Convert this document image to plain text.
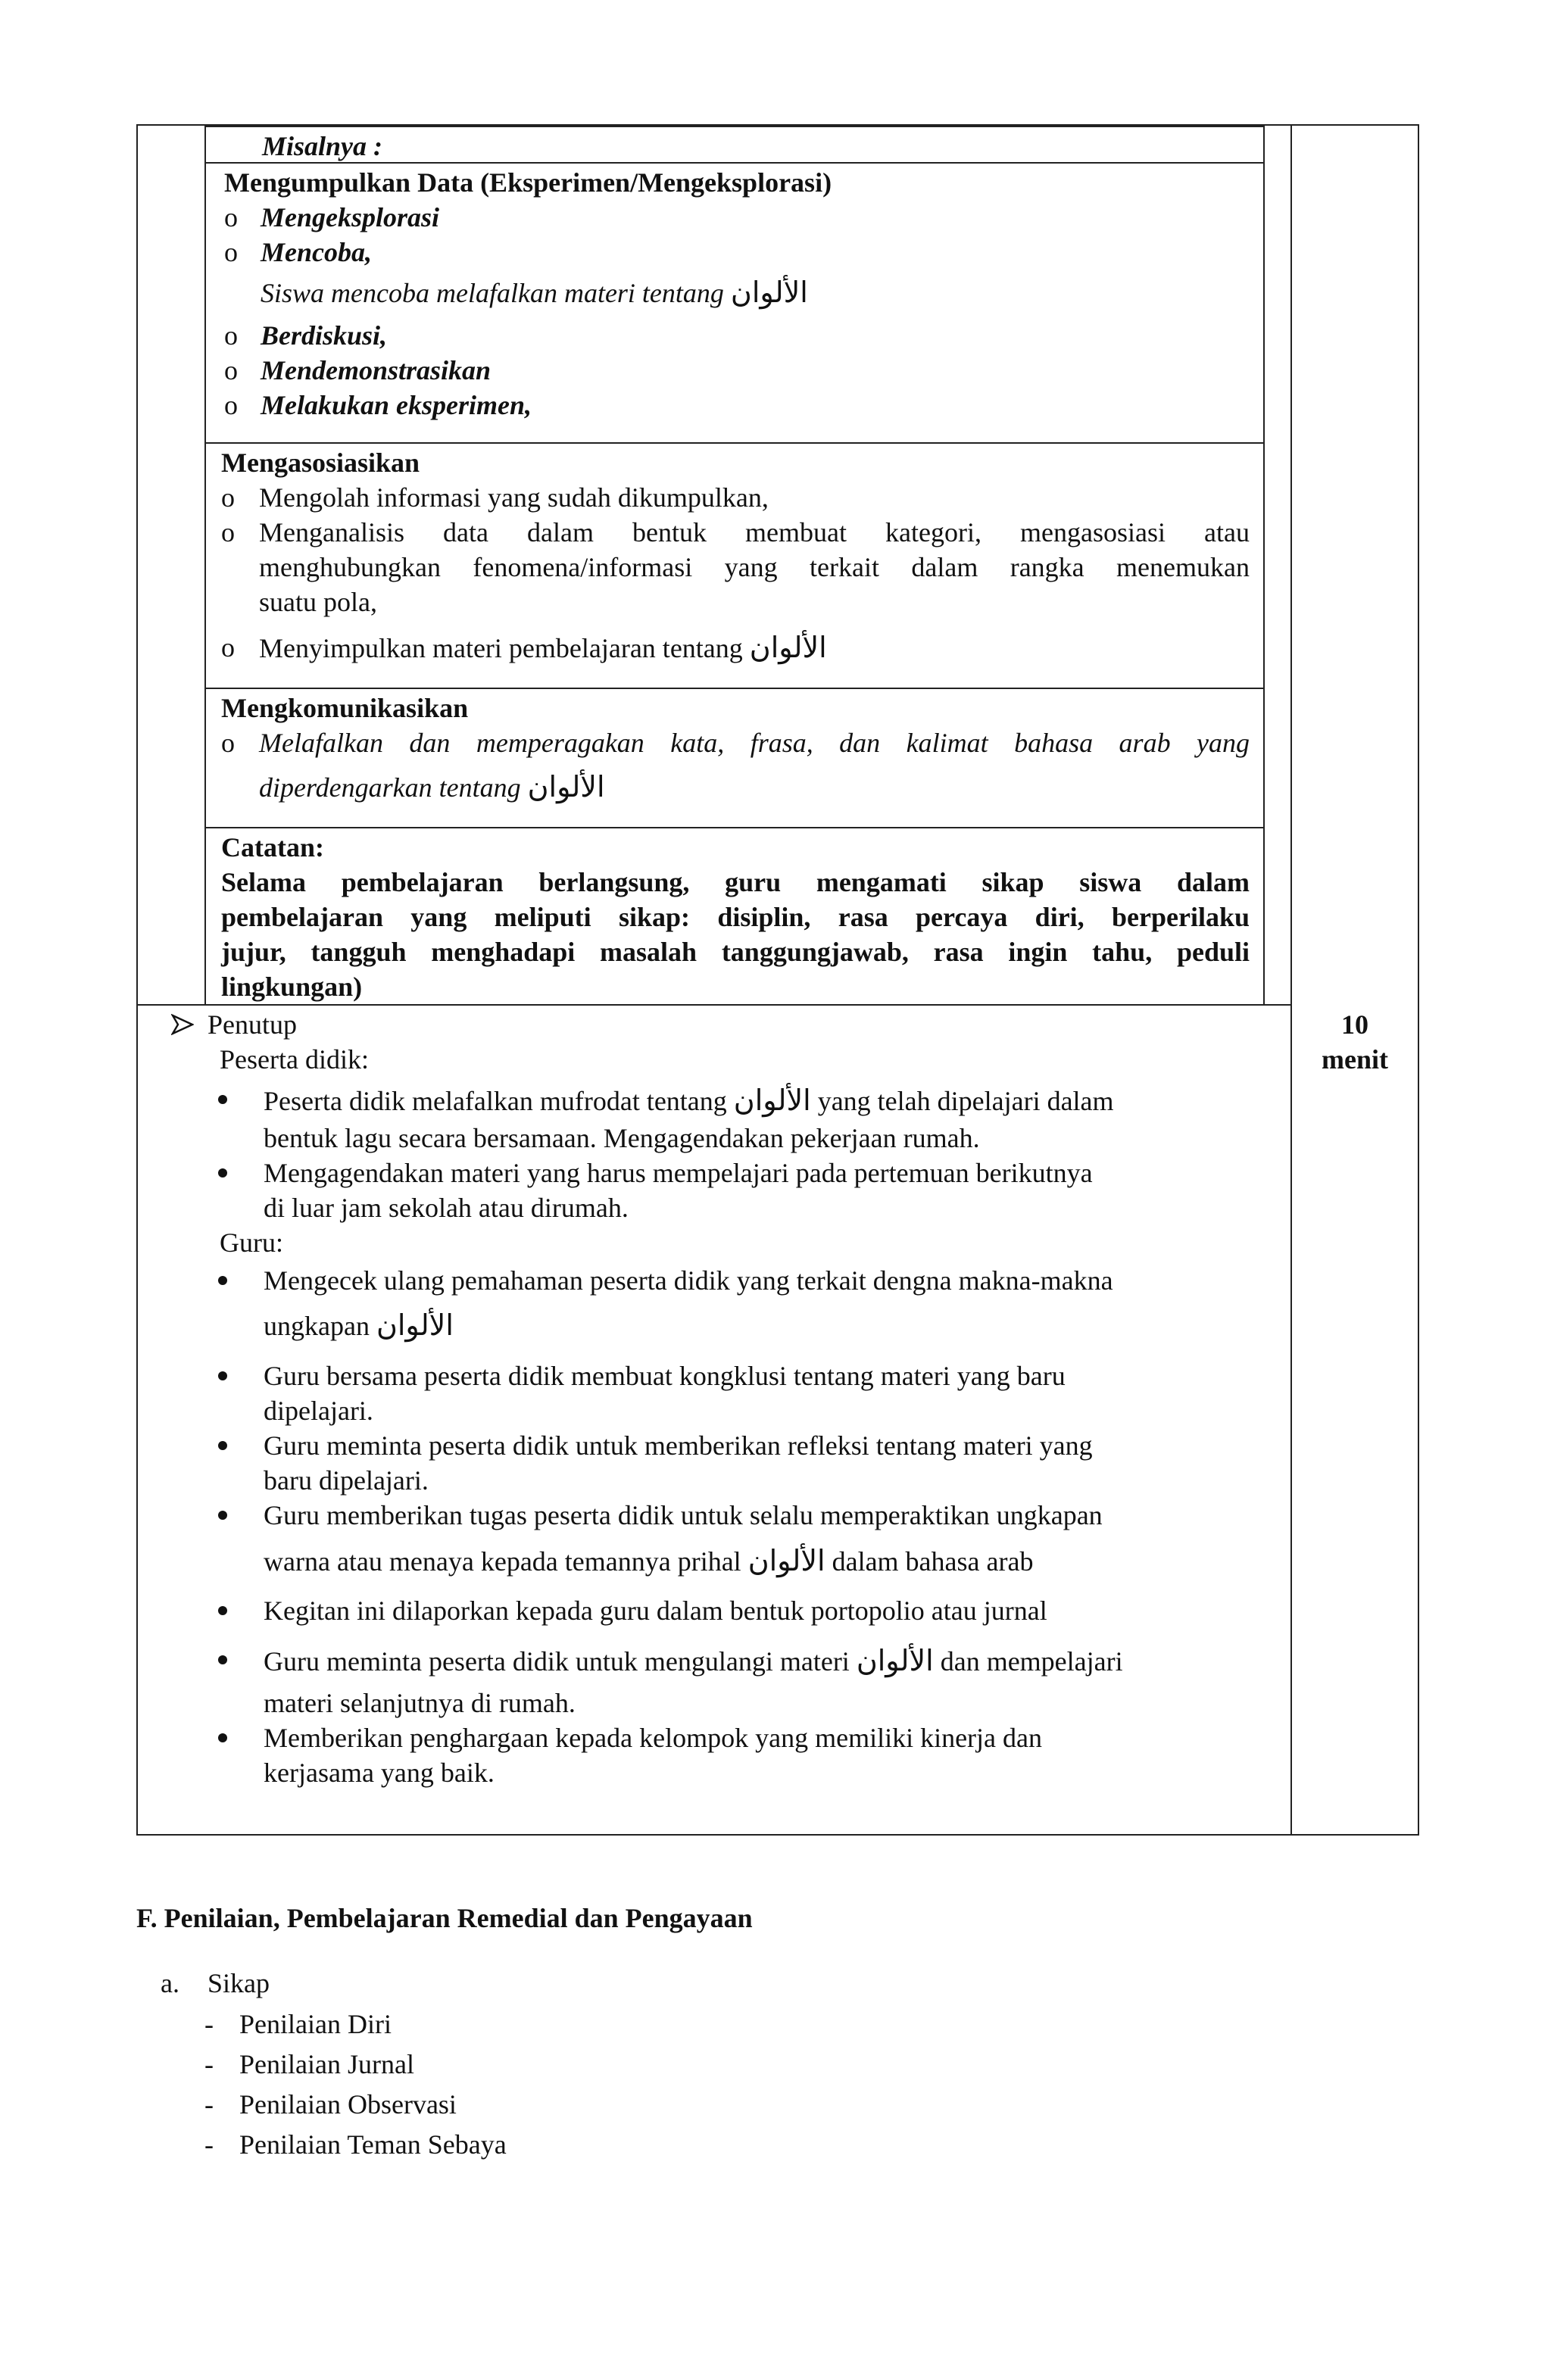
Misalnya :
Mengumpulkan Data (Eksperimen/Mengeksplorasi)
o Mengeksplorasi
o Mencoba,
Siswa mencoba melafalkan materi tentang الألوان
o Berdiskusi,
o Mendemonstrasikan
o Melakukan eksperimen,
Mengasosiasikan
o Mengolah informasi yang sudah dikumpulkan,
o Menganalisis data dalam bentuk membuat kategori, mengasosiasi atau
menghubungkan fenomena/informasi yang terkait dalam rangka menemukan
suatu pola,
o Menyimpulkan materi pembelajaran tentang الألوان
Mengkomunikasikan
o Melafalkan dan memperagakan kata, frasa, dan kalimat bahasa arab yang
diperdengarkan tentang الألوان
Catatan:
Selama pembelajaran berlangsung, guru mengamati sikap siswa dalam
pembelajaran yang meliputi sikap: disiplin, rasa percaya diri, berperilaku
jujur, tangguh menghadapi masalah tanggungjawab, rasa ingin tahu, peduli
lingkungan)
Penutup
Peserta didik:
Peserta didik melafalkan mufrodat tentang الألوان yang telah dipelajari dalam
bentuk lagu secara bersamaan. Mengagendakan pekerjaan rumah.
Mengagendakan materi yang harus mempelajari pada pertemuan berikutnya
di luar jam sekolah atau dirumah.
Guru:
Mengecek ulang pemahaman peserta didik yang terkait dengna makna-makna
ungkapan الألوان
Guru bersama peserta didik membuat kongklusi tentang materi yang baru
dipelajari.
Guru meminta peserta didik untuk memberikan refleksi tentang materi yang
baru dipelajari.
Guru memberikan tugas peserta didik untuk selalu memperaktikan ungkapan
warna atau menaya kepada temannya prihal الألوان dalam bahasa arab
Kegitan ini dilaporkan kepada guru dalam bentuk portopolio atau jurnal
Guru meminta peserta didik untuk mengulangi materi الألوان dan mempelajari
materi selanjutnya di rumah.
Memberikan penghargaan kepada kelompok yang memiliki kinerja dan
kerjasama yang baik.
10
menit
F. Penilaian, Pembelajaran Remedial dan Pengayaan
a. Sikap
- Penilaian Diri
- Penilaian Jurnal
- Penilaian Observasi
- Penilaian Teman Sebaya
